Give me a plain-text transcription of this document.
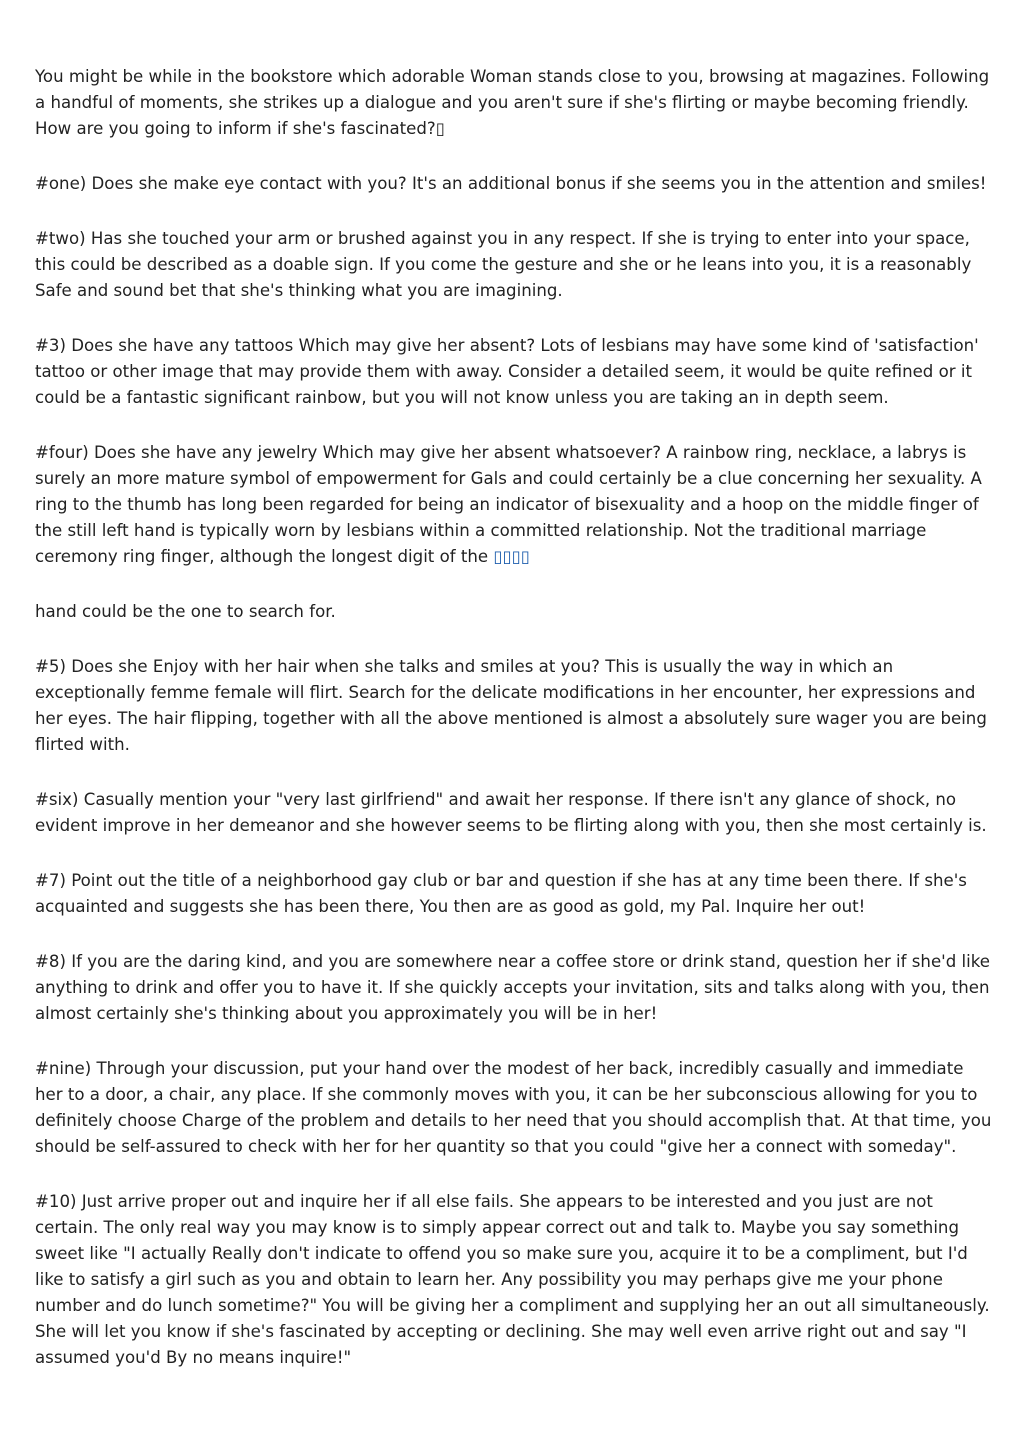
You might be while in the bookstore which adorable Woman stands close to you, browsing at magazines. Following a handful of moments, she strikes up a dialogue and you aren't sure if she's flirting or maybe becoming friendly. How are you going to inform if she's fascinated?▯

#one) Does she make eye contact with you? It's an additional bonus if she seems you in the attention and smiles!

#two) Has she touched your arm or brushed against you in any respect. If she is trying to enter into your space, this could be described as a doable sign. If you come the gesture and she or he leans into you, it is a reasonably Safe and sound bet that she's thinking what you are imagining.

#3) Does she have any tattoos Which may give her absent? Lots of lesbians may have some kind of 'satisfaction' tattoo or other image that may provide them with away. Consider a detailed seem, it would be quite refined or it could be a fantastic significant rainbow, but you will not know unless you are taking an in depth seem.

#four) Does she have any jewelry Which may give her absent whatsoever? A rainbow ring, necklace, a labrys is surely an more mature symbol of empowerment for Gals and could certainly be a clue concerning her sexuality. A ring to the thumb has long been regarded for being an indicator of bisexuality and a hoop on the middle finger of the still left hand is typically worn by lesbians within a committed relationship. Not the traditional marriage ceremony ring finger, although the longest digit of the ▯▯▯▯

hand could be the one to search for.

#5) Does she Enjoy with her hair when she talks and smiles at you? This is usually the way in which an exceptionally femme female will flirt. Search for the delicate modifications in her encounter, her expressions and her eyes. The hair flipping, together with all the above mentioned is almost a absolutely sure wager you are being flirted with.

#six) Casually mention your "very last girlfriend" and await her response. If there isn't any glance of shock, no evident improve in her demeanor and she however seems to be flirting along with you, then she most certainly is.

#7) Point out the title of a neighborhood gay club or bar and question if she has at any time been there. If she's acquainted and suggests she has been there, You then are as good as gold, my Pal. Inquire her out!

#8) If you are the daring kind, and you are somewhere near a coffee store or drink stand, question her if she'd like anything to drink and offer you to have it. If she quickly accepts your invitation, sits and talks along with you, then almost certainly she's thinking about you approximately you will be in her!

#nine) Through your discussion, put your hand over the modest of her back, incredibly casually and immediate her to a door, a chair, any place. If she commonly moves with you, it can be her subconscious allowing for you to definitely choose Charge of the problem and details to her need that you should accomplish that. At that time, you should be self-assured to check with her for her quantity so that you could "give her a connect with someday".

#10) Just arrive proper out and inquire her if all else fails. She appears to be interested and you just are not certain. The only real way you may know is to simply appear correct out and talk to. Maybe you say something sweet like "I actually Really don't indicate to offend you so make sure you, acquire it to be a compliment, but I'd like to satisfy a girl such as you and obtain to learn her. Any possibility you may perhaps give me your phone number and do lunch sometime?" You will be giving her a compliment and supplying her an out all simultaneously. She will let you know if she's fascinated by accepting or declining. She may well even arrive right out and say "I assumed you'd By no means inquire!"
